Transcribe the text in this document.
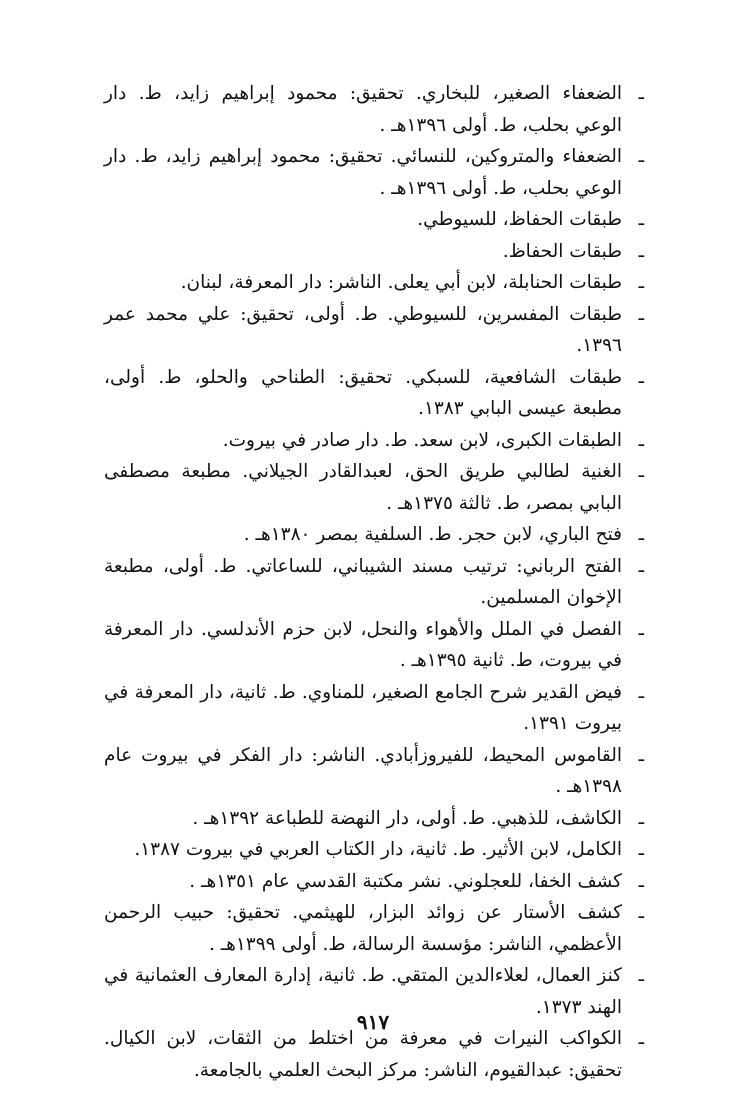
ـ
الضعفاء الصغير، للبخاري. تحقيق: محمود إبراهيم زايد، ط. دار الوعي بحلب، ط. أولى ١٣٩٦هـ .
ـ
الضعفاء والمتروكين، للنسائي. تحقيق: محمود إبراهيم زايد، ط. دار الوعي بحلب، ط. أولى ١٣٩٦هـ .
ـ
طبقات الحفاظ، للسيوطي.
ـ
طبقات الحفاظ.
ـ
طبقات الحنابلة، لابن أبي يعلى. الناشر: دار المعرفة، لبنان.
ـ
طبقات المفسرين، للسيوطي. ط. أولى، تحقيق: علي محمد عمر ١٣٩٦.
ـ
طبقات الشافعية، للسبكي. تحقيق: الطناحي والحلو، ط. أولى، مطبعة عيسى البابي ١٣٨٣.
ـ
الطبقات الكبرى، لابن سعد. ط. دار صادر في بيروت.
ـ
الغنية لطالبي طريق الحق، لعبدالقادر الجيلاني. مطبعة مصطفى البابي بمصر، ط. ثالثة ١٣٧٥هـ .
ـ
فتح الباري، لابن حجر. ط. السلفية بمصر ١٣٨٠هـ .
ـ
الفتح الرباني: ترتيب مسند الشيباني، للساعاتي. ط. أولى، مطبعة الإخوان المسلمين.
ـ
الفصل في الملل والأهواء والنحل، لابن حزم الأندلسي. دار المعرفة في بيروت، ط. ثانية ١٣٩٥هـ .
ـ
فيض القدير شرح الجامع الصغير، للمناوي. ط. ثانية، دار المعرفة في بيروت ١٣٩١.
ـ
القاموس المحيط، للفيروزأبادي. الناشر: دار الفكر في بيروت عام ١٣٩٨هـ .
ـ
الكاشف، للذهبي. ط. أولى، دار النهضة للطباعة ١٣٩٢هـ .
ـ
الكامل، لابن الأثير. ط. ثانية، دار الكتاب العربي في بيروت ١٣٨٧.
ـ
كشف الخفا، للعجلوني. نشر مكتبة القدسي عام ١٣٥١هـ .
ـ
كشف الأستار عن زوائد البزار، للهيثمي. تحقيق: حبيب الرحمن الأعظمي، الناشر: مؤسسة الرسالة، ط. أولى ١٣٩٩هـ .
ـ
كنز العمال، لعلاءالدين المتقي. ط. ثانية، إدارة المعارف العثمانية في الهند ١٣٧٣.
ـ
الكواكب النيرات في معرفة من اختلط من الثقات، لابن الكيال. تحقيق: عبدالقيوم، الناشر: مركز البحث العلمي بالجامعة.
٩١٧
